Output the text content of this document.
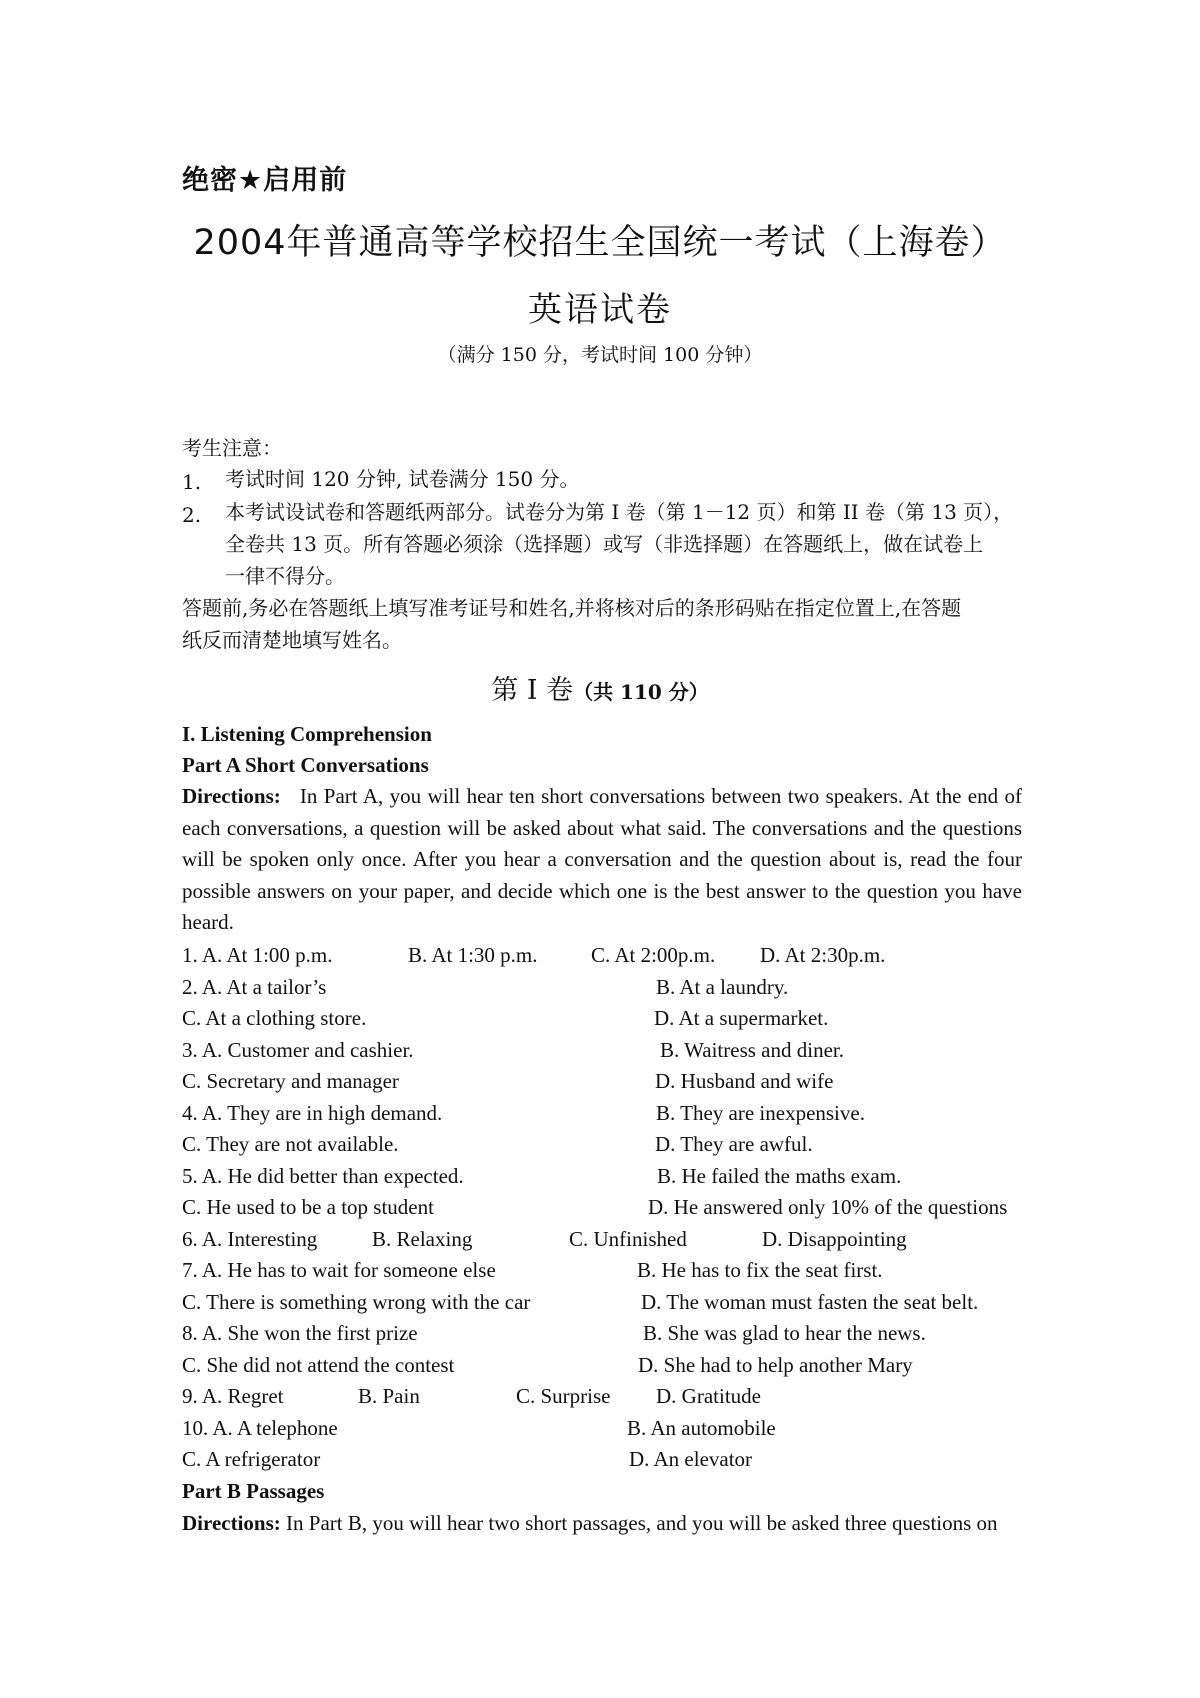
绝密★启用前
2004年普通高等学校招生全国统一考试（上海卷）
英语试卷
（满分 150 分，考试时间 100 分钟）
考生注意：
1. 考试时间 120 分钟, 试卷满分 150 分。
2. 本考试设试卷和答题纸两部分。试卷分为第 I 卷（第 1－12 页）和第 II 卷（第 13 页），
全卷共 13 页。所有答题必须涂（选择题）或写（非选择题）在答题纸上，做在试卷上
一律不得分。
答题前,务必在答题纸上填写准考证号和姓名,并将核对后的条形码贴在指定位置上,在答题
纸反而清楚地填写姓名。
第 I 卷（共 110 分）
I. Listening Comprehension
Part A Short Conversations
Directions: In Part A, you will hear ten short conversations between two speakers. At the end of each conversations, a question will be asked about what said. The conversations and the questions will be spoken only once. After you hear a conversation and the question about is, read the four possible answers on your paper, and decide which one is the best answer to the question you have heard.
1. A. At 1:00 p.m.	B. At 1:30 p.m.	C. At 2:00p.m. D. At 2:30p.m.
2. A. At a tailor’s	B. At a laundry.
C. At a clothing store.	D. At a supermarket.
3. A. Customer and cashier.	B. Waitress and diner.
C. Secretary and manager	D. Husband and wife
4. A. They are in high demand.	B. They are inexpensive.
C. They are not available.	D. They are awful.
5. A. He did better than expected.	B. He failed the maths exam.
C. He used to be a top student	D. He answered only 10% of the questions
6. A. Interesting	B. Relaxing	C. Unfinished	D. Disappointing
7. A. He has to wait for someone else	B. He has to fix the seat first.
C. There is something wrong with the car	D. The woman must fasten the seat belt.
8. A. She won the first prize	B. She was glad to hear the news.
C. She did not attend the contest	D. She had to help another Mary
9. A. Regret	B. Pain	C. Surprise D. Gratitude
10. A. A telephone	B. An automobile
C. A refrigerator	D. An elevator
Part B Passages
Directions: In Part B, you will hear two short passages, and you will be asked three questions on
